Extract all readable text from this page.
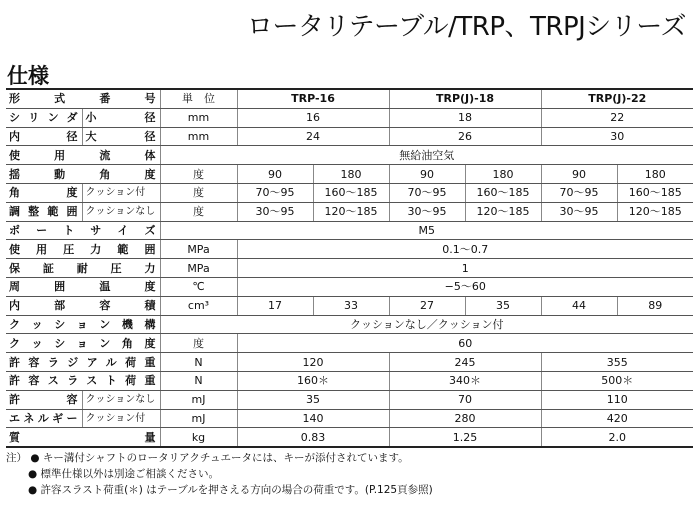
ロータリテーブル/TRP、TRPJシリーズ
仕様
形　式　番　号		単　位	TRP-16		TRP(J)-18		TRP(J)-22	
シリンダ	小　径	mm	16		18		22	
内　径	大　径	mm	24		26		30	
使　用　流　体		無給油空気						
揺　動　角　度		度	90	180	90	180	90	180
角　　　度	クッション付	度	70〜95	160〜185	70〜95	160〜185	70〜95	160〜185
調整範囲	クッションなし	度	30〜95	120〜185	30〜95	120〜185	30〜95	120〜185
ポ　ー　ト　サ　イ　ズ		M5						
使　用　圧　力　範　囲		MPa	0.1〜0.7					
保　証　耐　圧　力		MPa	1					
周　囲　温　度		℃	−5〜60					
内　部　容　積		cm³	17	33	27	35	44	89
クッション機構		クッションなし／クッション付						
クッション角度		度	60					
許容ラジアル荷重		N	120		245		355	
許容スラスト荷重		N	160＊		340＊		500＊	
許　　容	クッションなし	mJ	35		70		110	
エネルギー	クッション付	mJ	140		280		420	
質　　　量		kg	0.83		1.25		2.0	
注） ● キー溝付シャフトのロータリアクチュエータには、キーが添付されています。
● 標準仕様以外は別途ご相談ください。
● 許容スラスト荷重(＊) はテーブルを押さえる方向の場合の荷重です。(P.125頁参照)
